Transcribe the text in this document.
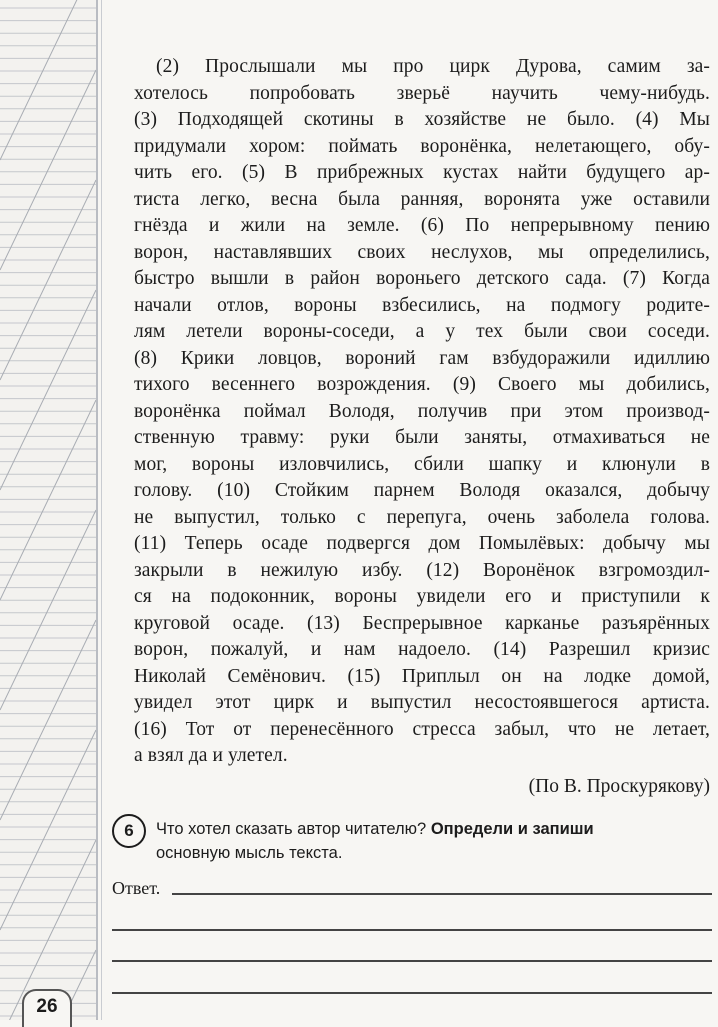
(2) Прослышали мы про цирк Дурова, самим за-
хотелось попробовать зверьё научить чему-нибудь.
(3) Подходящей скотины в хозяйстве не было. (4) Мы
придумали хором: поймать воронёнка, нелетающего, обу-
чить его. (5) В прибрежных кустах найти будущего ар-
тиста легко, весна была ранняя, воронята уже оставили
гнёзда и жили на земле. (6) По непрерывному пению
ворон, наставлявших своих неслухов, мы определились,
быстро вышли в район вороньего детского сада. (7) Когда
начали отлов, вороны взбесились, на подмогу родите-
лям летели вороны-соседи, а у тех были свои соседи.
(8) Крики ловцов, вороний гам взбудоражили идиллию
тихого весеннего возрождения. (9) Своего мы добились,
воронёнка поймал Володя, получив при этом производ-
ственную травму: руки были заняты, отмахиваться не
мог, вороны изловчились, сбили шапку и клюнули в
голову. (10) Стойким парнем Володя оказался, добычу
не выпустил, только с перепуга, очень заболела голова.
(11) Теперь осаде подвергся дом Помылёвых: добычу мы
закрыли в нежилую избу. (12) Воронёнок взгромоздил-
ся на подоконник, вороны увидели его и приступили к
круговой осаде. (13) Беспрерывное карканье разъярённых
ворон, пожалуй, и нам надоело. (14) Разрешил кризис
Николай Семёнович. (15) Приплыл он на лодке домой,
увидел этот цирк и выпустил несостоявшегося артиста.
(16) Тот от перенесённого стресса забыл, что не летает,
а взял да и улетел.
(По В. Проскурякову)
6	Что хотел сказать автор читателю? Определи и запиши
основную мысль текста.
Ответ.
26
